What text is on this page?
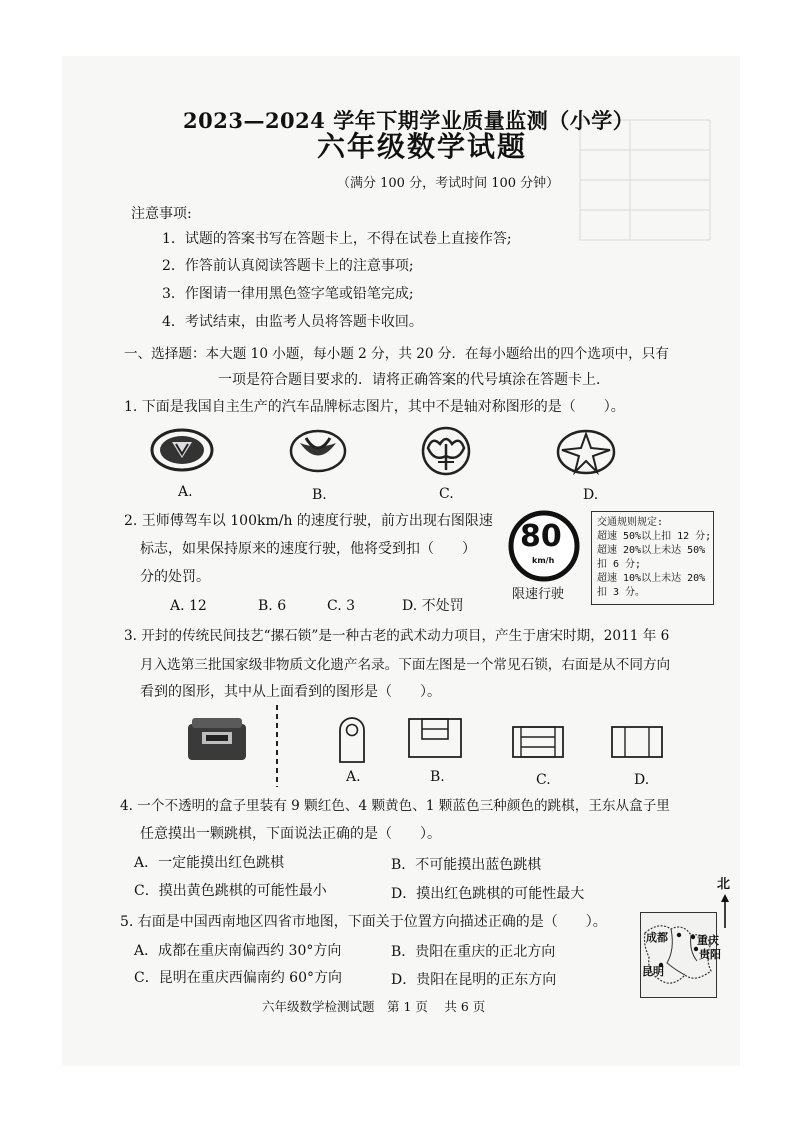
2023—2024 学年下期学业质量监测（小学）
六年级数学试题
（满分 100 分，考试时间 100 分钟）
注意事项:
1．试题的答案书写在答题卡上，不得在试卷上直接作答;
2．作答前认真阅读答题卡上的注意事项;
3．作图请一律用黑色签字笔或铅笔完成;
4．考试结束，由监考人员将答题卡收回。
一、选择题：本大题 10 小题，每小题 2 分，共 20 分．在每小题给出的四个选项中，只有
一项是符合题目要求的．请将正确答案的代号填涂在答题卡上．
1. 下面是我国自主生产的汽车品牌标志图片，其中不是轴对称图形的是（　　）。
A.	B.	C.	D.
2. 王师傅驾车以 100km/h 的速度行驶，前方出现右图限速
标志，如果保持原来的速度行驶，他将受到扣（　　）
分的处罚。
A. 12	B. 6	C. 3	D. 不处罚
80
km/h
限速行驶
交通规则规定:
超速 50%以上扣 12 分;
超速 20%以上未达 50%
扣 6 分;
超速 10%以上未达 20%
扣 3 分。
3. 开封的传统民间技艺“摞石锁”是一种古老的武术动力项目，产生于唐宋时期，2011 年 6
月入选第三批国家级非物质文化遗产名录。下面左图是一个常见石锁，右面是从不同方向
看到的图形，其中从上面看到的图形是（　　）。
A.	B.	C.	D.
4. 一个不透明的盒子里装有 9 颗红色、4 颗黄色、1 颗蓝色三种颜色的跳棋，王东从盒子里
任意摸出一颗跳棋，下面说法正确的是（　　）。
A．一定能摸出红色跳棋	B．不可能摸出蓝色跳棋
C．摸出黄色跳棋的可能性最小	D．摸出红色跳棋的可能性最大
5. 右面是中国西南地区四省市地图，下面关于位置方向描述正确的是（　　）。
A．成都在重庆南偏西约 30°方向	B．贵阳在重庆的正北方向
C．昆明在重庆西偏南约 60°方向	D．贵阳在昆明的正东方向
北
成都	重庆
贵阳
昆明
六年级数学检测试题　第 1 页　 共 6 页
